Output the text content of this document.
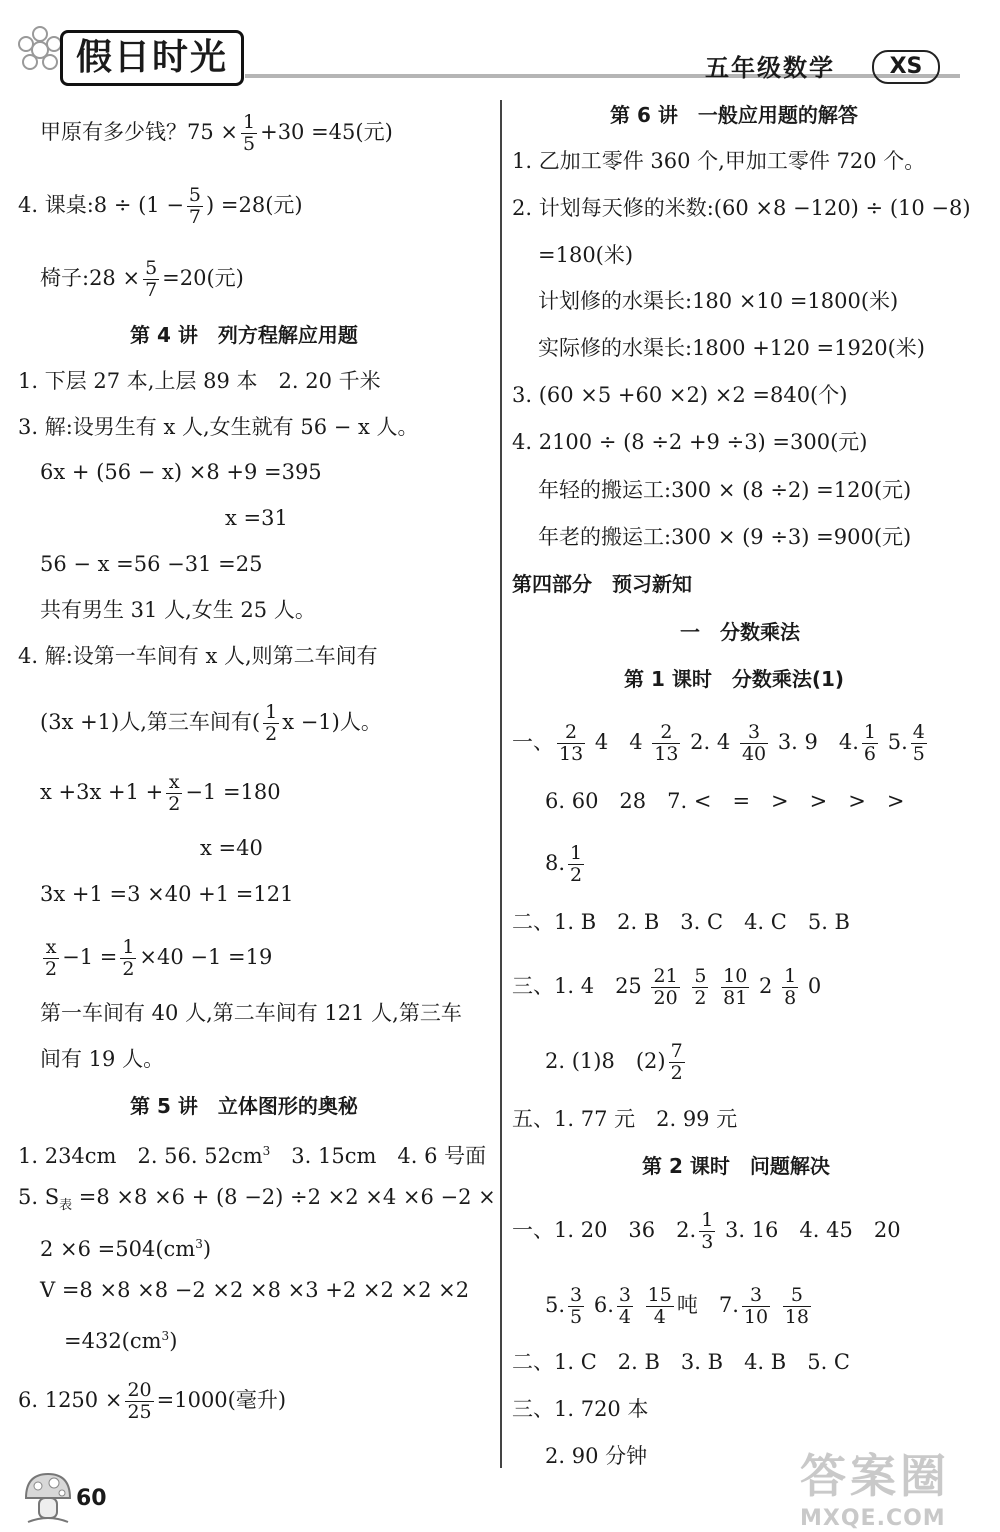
假日时光	五年级数学	XS
甲原有多少钱？$75 \times \frac{1}{5} +30 =45$(元)
4. 课桌:8 ÷ ($1 - \frac{5}{7}$ ) =28(元)
椅子:28 × $\frac{5}{7} =20$(元)
第 4 讲　列方程解应用题
1. 下层 27 本,上层 89 本　2. 20 千米
3. 解:设男生有 x 人,女生就有 56 − x 人。
6x + (56 − x) ×8 +9 =395
x =31
56 − x =56 −31 =25
共有男生 31 人,女生 25 人。
4. 解:设第一车间有 x 人,则第二车间有
(3x +1)人,第三车间有( $\frac{1}{2}$ x −1)人。
$x +3x +1 + \frac{x}{2} -1 =180$
x =40
3x +1 =3 ×40 +1 =121
$\frac{x}{2} -1 = \frac{1}{2} \times 40 -1 =19$
第一车间有 40 人,第二车间有 121 人,第三车
间有 19 人。
第 5 讲　立体图形的奥秘
1. 234cm　2. 56. $52cm^3$　3. 15cm　4. 6 号面
5. $S_表 =8 \times 8 \times 6 + (8 -2) \div 2 \times 2 \times 4 \times 6 -2$ ×
$2 \times 6 =504(cm^3)$
V =8 ×8 ×8 −2 ×2 ×8 ×3 +2 ×2 ×2 ×2
$=432(cm^3)$
6. $1250 \times \frac{20}{25} =1000$(毫升)
第 6 讲　一般应用题的解答
1. 乙加工零件 360 个,甲加工零件 720 个。
2. 计划每天修的米数:(60 ×8 −120) ÷ (10 −8)
=180(米)
计划修的水渠长:180 ×10 =1800(米)
实际修的水渠长:1800 +120 =1920(米)
3. (60 ×5 +60 ×2) ×2 =840(个)
4. 2100 ÷ (8 ÷2 +9 ÷3) =300(元)
年轻的搬运工:300 × (8 ÷2) =120(元)
年老的搬运工:300 × (9 ÷3) =900(元)
第四部分　预习新知
一　分数乘法
第 1 课时　分数乘法(1)
一、 $\frac{2}{13} 4$　$4 \frac{2}{13} 2$. $4 \frac{3}{40} 3$. 9　4. $\frac{1}{6} 5$. $\frac{4}{5}$
6. 60　28　7. <　=　>　>　>　>
8. $\frac{1}{2}$
二、1. B　2. B　3. C　4. C　5. B
三、1. 4　$25 \frac{21}{20}$
$\frac{5}{2}$
$\frac{10}{81} 2 \frac{1}{8} 0$
2. (1)8　$(2) \frac{7}{2}$
五、1. 77 元　2. 99 元
第 2 课时　问题解决
一、1. 20　36　2. $\frac{1}{3} 3$. 16　4. 45　20
5. $\frac{3}{5} 6$. $\frac{3}{4}$
$\frac{15}{4}$ 吨　7. $\frac{3}{10}$
$\frac{5}{18}$
二、1. C　2. B　3. B　4. B　5. C
三、1. 720 本
2. 90 分钟
60	答案圈
MXQE.COM
